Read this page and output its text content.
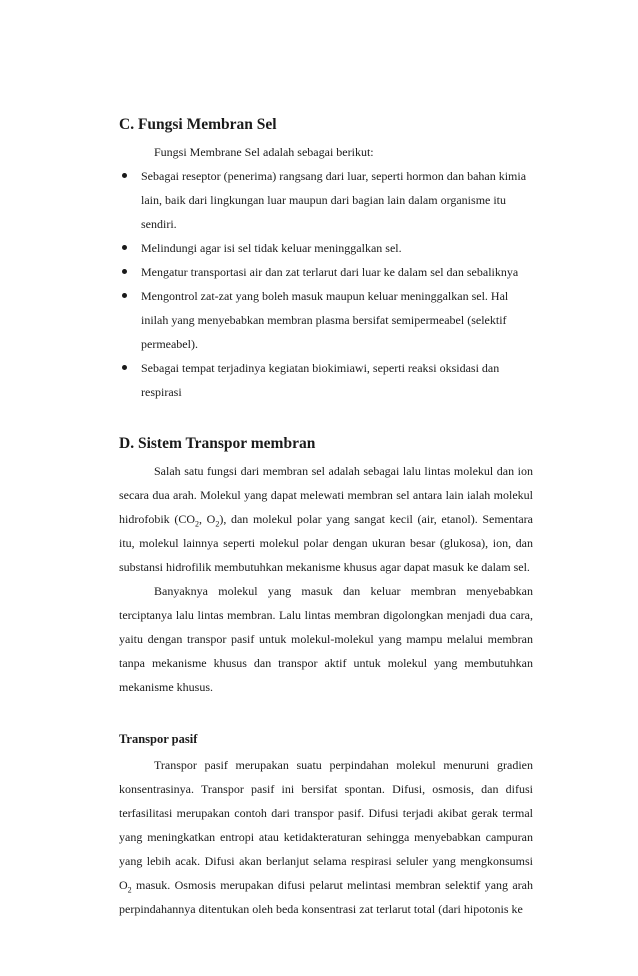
C. Fungsi Membran Sel

Fungsi Membrane Sel adalah sebagai berikut:

Sebagai reseptor (penerima) rangsang dari luar, seperti hormon dan bahan kimia lain, baik dari lingkungan luar maupun dari bagian lain dalam organisme itu sendiri.
Melindungi agar isi sel tidak keluar meninggalkan sel.
Mengatur transportasi air dan zat terlarut dari luar ke dalam sel dan sebaliknya
Mengontrol zat-zat yang boleh masuk maupun keluar meninggalkan sel. Hal inilah yang menyebabkan membran plasma bersifat semipermeabel (selektif permeabel).
Sebagai tempat terjadinya kegiatan biokimiawi, seperti reaksi oksidasi dan respirasi
D. Sistem Transpor membran

Salah satu fungsi dari membran sel adalah sebagai lalu lintas molekul dan ion secara dua arah. Molekul yang dapat melewati membran sel antara lain ialah molekul hidrofobik ($CO_2$, $O_2$), dan molekul polar yang sangat kecil (air, etanol). Sementara itu, molekul lainnya seperti molekul polar dengan ukuran besar (glukosa), ion, dan substansi hidrofilik membutuhkan mekanisme khusus agar dapat masuk ke dalam sel.

Banyaknya molekul yang masuk dan keluar membran menyebabkan terciptanya lalu lintas membran. Lalu lintas membran digolongkan menjadi dua cara, yaitu dengan transpor pasif untuk molekul-molekul yang mampu melalui membran tanpa mekanisme khusus dan transpor aktif untuk molekul yang membutuhkan mekanisme khusus.

Transpor pasif

Transpor pasif merupakan suatu perpindahan molekul menuruni gradien konsentrasinya. Transpor pasif ini bersifat spontan. Difusi, osmosis, dan difusi terfasilitasi merupakan contoh dari transpor pasif. Difusi terjadi akibat gerak termal yang meningkatkan entropi atau ketidakteraturan sehingga menyebabkan campuran yang lebih acak. Difusi akan berlanjut selama respirasi seluler yang mengkonsumsi $O_2$ masuk. Osmosis merupakan difusi pelarut melintasi membran selektif yang arah perpindahannya ditentukan oleh beda konsentrasi zat terlarut total (dari hipotonis ke
